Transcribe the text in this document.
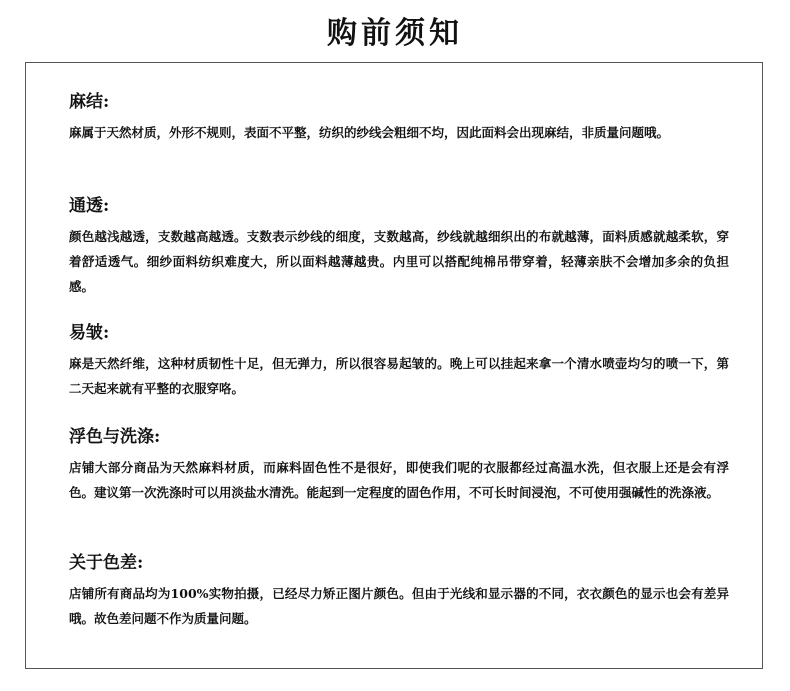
购前须知
麻结:

麻属于天然材质，外形不规则，表面不平整，纺织的纱线会粗细不均，因此面料会出现麻结，非质量问题哦。

通透:

颜色越浅越透，支数越高越透。支数表示纱线的细度，支数越高，纱线就越细织出的布就越薄，面料质感就越柔软，穿着舒适透气。细纱面料纺织难度大，所以面料越薄越贵。内里可以搭配纯棉吊带穿着，轻薄亲肤不会增加多余的负担感。

易皱:

麻是天然纤维，这种材质韧性十足，但无弹力，所以很容易起皱的。晚上可以挂起来拿一个清水喷壶均匀的喷一下，第二天起来就有平整的衣服穿咯。

浮色与洗涤:

店铺大部分商品为天然麻料材质，而麻料固色性不是很好，即使我们呢的衣服都经过高温水洗，但衣服上还是会有浮色。建议第一次洗涤时可以用淡盐水清洗。能起到一定程度的固色作用，不可长时间浸泡，不可使用强碱性的洗涤液。

关于色差:

店铺所有商品均为100%实物拍摄，已经尽力矫正图片颜色。但由于光线和显示器的不同，衣衣颜色的显示也会有差异哦。故色差问题不作为质量问题。
